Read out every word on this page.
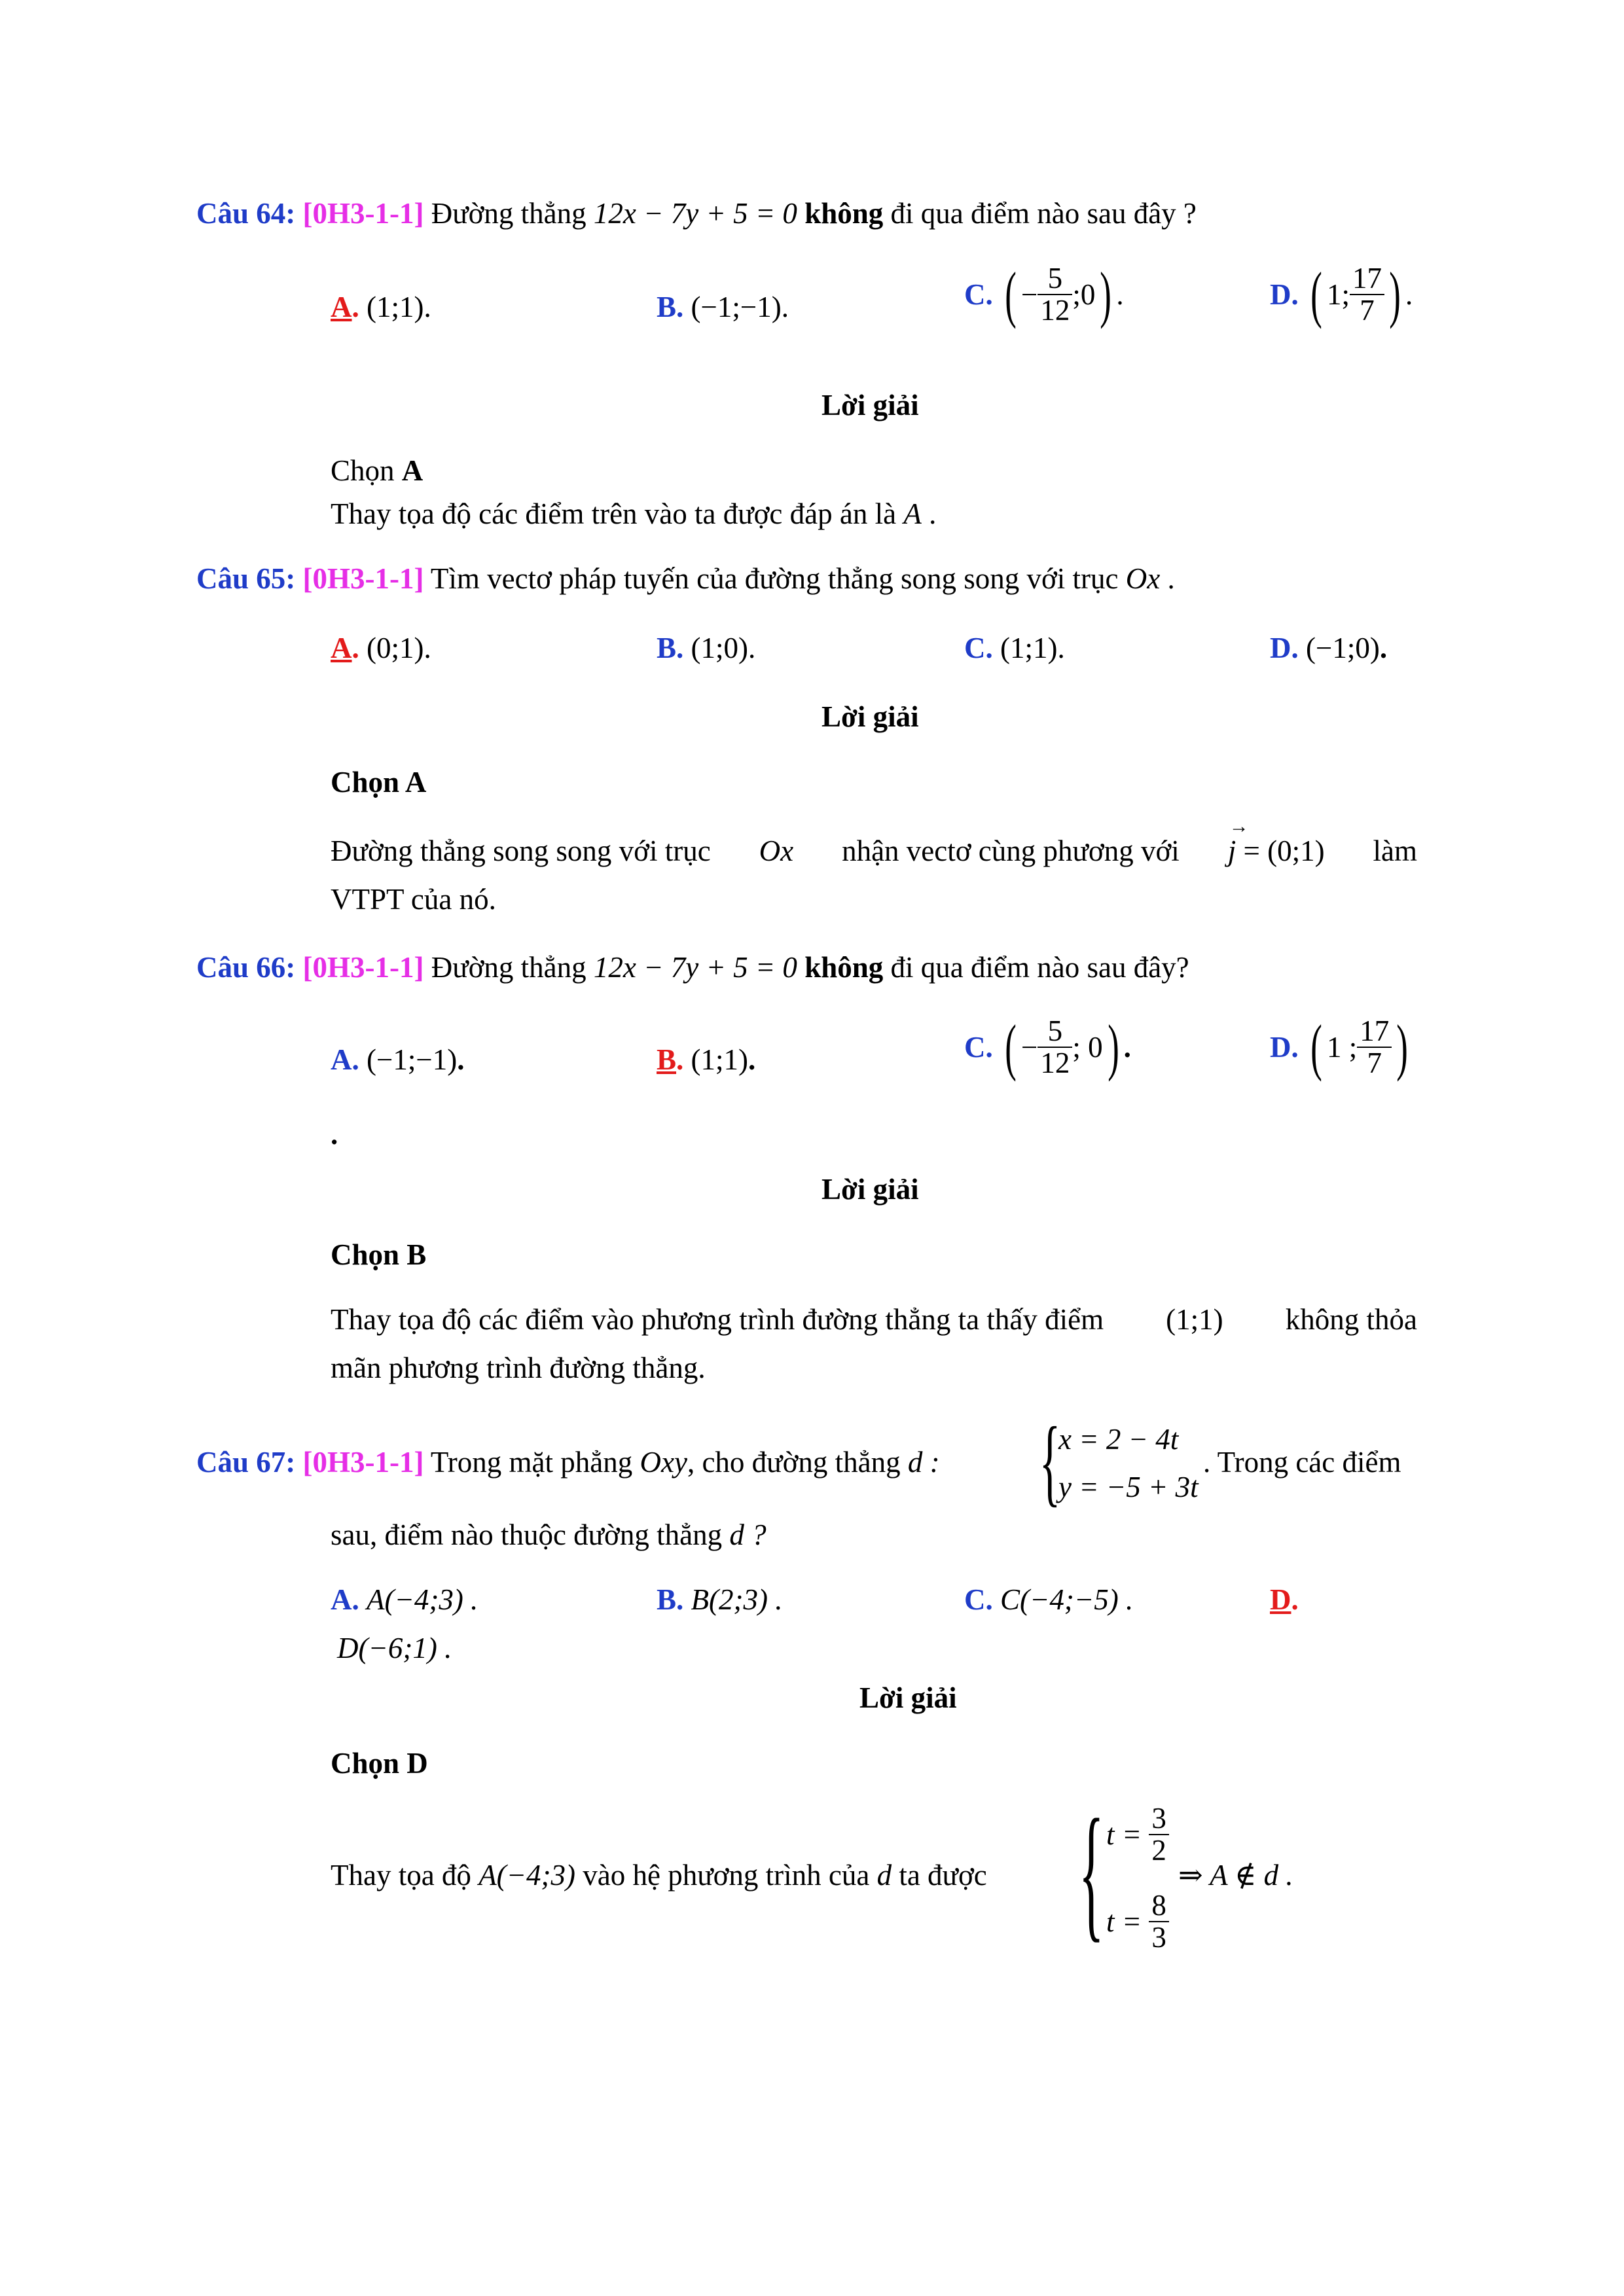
Câu 64: [0H3-1-1] Đường thẳng 12x − 7y + 5 = 0 không đi qua điểm nào sau đây ?
A. (1;1).	B. (−1;−1).	C. ( − $\frac{5}{12}$ ;0) .	D. ( 1; $\frac{17}{7}$ ) .
Lời giải
Chọn A
Thay tọa độ các điểm trên vào ta được đáp án là A .
Câu 65: [0H3-1-1] Tìm vectơ pháp tuyến của đường thẳng song song với trục Ox .
A. (0;1).	B. (1;0).	C. (1;1).	D. (−1;0).
Lời giải
Chọn A
Đường thẳng song song với trục Ox nhận vectơ cùng phương với
→
j = (0;1) làm
VTPT của nó.
Câu 66: [0H3-1-1] Đường thẳng 12x − 7y + 5 = 0 không đi qua điểm nào sau đây?
A. (−1;−1).	B. (1;1).	C. ( − $\frac{5}{12}$ ; 0) .	D. ( 1 ; $\frac{17}{7}$ )
.
Lời giải
Chọn B
Thay tọa độ các điểm vào phương trình đường thẳng ta thấy điểm (1;1) không thỏa
mãn phương trình đường thẳng.
Câu 67: [0H3-1-1] Trong mặt phẳng Oxy, cho đường thẳng d : {
x = 2 − 4t
y = −5 + 3t
. Trong các điểm
sau, điểm nào thuộc đường thẳng d ?
A. A(−4;3) .	B. B(2;3) .	C. C(−4;−5) .	D.
D(−6;1) .
Lời giải
Chọn D
Thay tọa độ A(−4;3) vào hệ phương trình của d ta được { $t = \frac{3}{2}$
$t = \frac{8}{3}$
⇒ A ∉ d .
